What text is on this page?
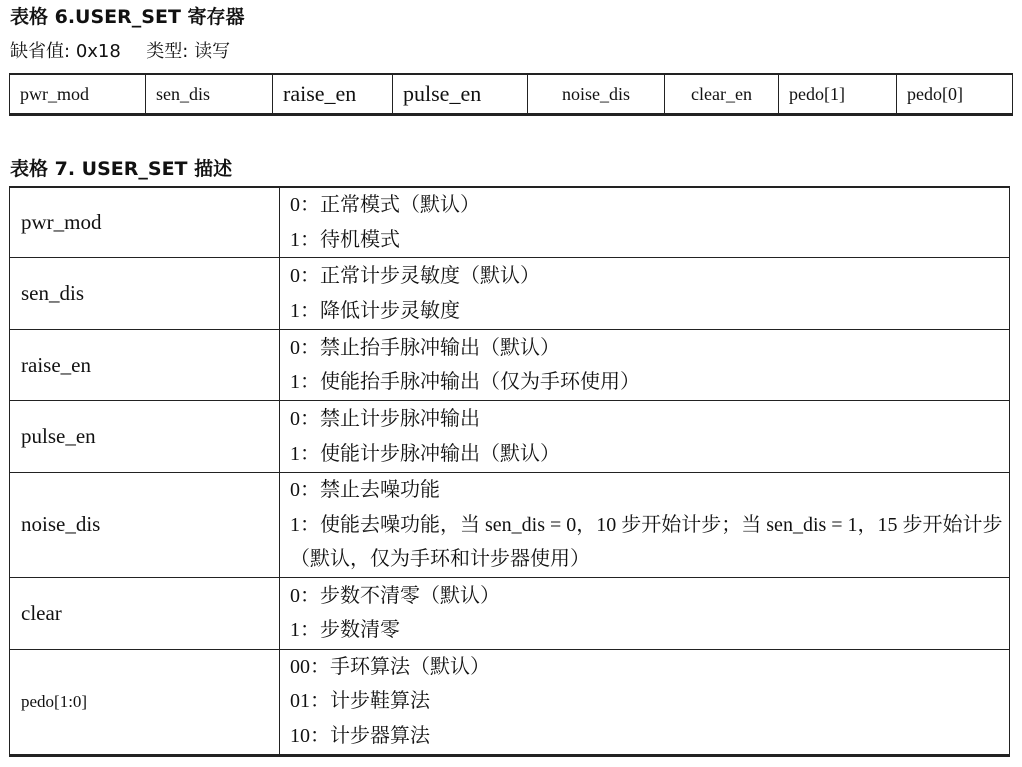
表格 6.USER_SET 寄存器
缺省值: 0x18 类型: 读写
pwr_mod	sen_dis	raise_en	pulse_en	noise_dis	clear_en	pedo[1]	pedo[0]
表格 7. USER_SET 描述
pwr_mod	0：正常模式（默认）
1：待机模式

sen_dis	0：正常计步灵敏度（默认）
1：降低计步灵敏度

raise_en	0：禁止抬手脉冲输出（默认）
1：使能抬手脉冲输出（仅为手环使用）

pulse_en	0：禁止计步脉冲输出
1：使能计步脉冲输出（默认）

noise_dis	0：禁止去噪功能
1：使能去噪功能，当 sen_dis = 0，10 步开始计步；当 sen_dis = 1，15 步开始计步（默认，仅为手环和计步器使用）

clear	0：步数不清零（默认）
1：步数清零

pedo[1:0]	00：手环算法（默认）
01：计步鞋算法
10：计步器算法
